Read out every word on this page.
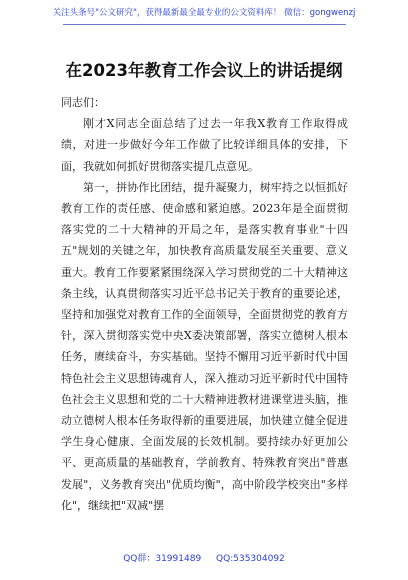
关注头条号"公文研究"，获得最新最全最专业的公文资料库！ 微信：gongwenzj
在2023年教育工作会议上的讲话提纲

同志们：

刚才X同志全面总结了过去一年我X教育工作取得成绩，对进一步做好今年工作做了比较详细具体的安排，下面，我就如何抓好贯彻落实提几点意见。

第一，拼协作比团结，提升凝聚力，树牢持之以恒抓好教育工作的责任感、使命感和紧迫感。2023年是全面贯彻落实党的二十大精神的开局之年，是落实教育事业"十四五"规划的关键之年，加快教育高质量发展至关重要、意义重大。教育工作要紧紧围绕深入学习贯彻党的二十大精神这条主线，认真贯彻落实习近平总书记关于教育的重要论述，坚持和加强党对教育工作的全面领导，全面贯彻党的教育方针，深入贯彻落实党中央X委决策部署，落实立德树人根本任务，赓续奋斗，夯实基础。坚持不懈用习近平新时代中国特色社会主义思想铸魂育人，深入推动习近平新时代中国特色社会主义思想和党的二十大精神进教材进课堂进头脑，推动立德树人根本任务取得新的重要进展，加快建立健全促进学生身心健康、全面发展的长效机制。要持续办好更加公平、更高质量的基础教育，学前教育、特殊教育突出"普惠发展"，义务教育突出"优质均衡"，高中阶段学校突出"多样化"，继续把"双减"摆

QQ群：31991489 QQ:535304092
